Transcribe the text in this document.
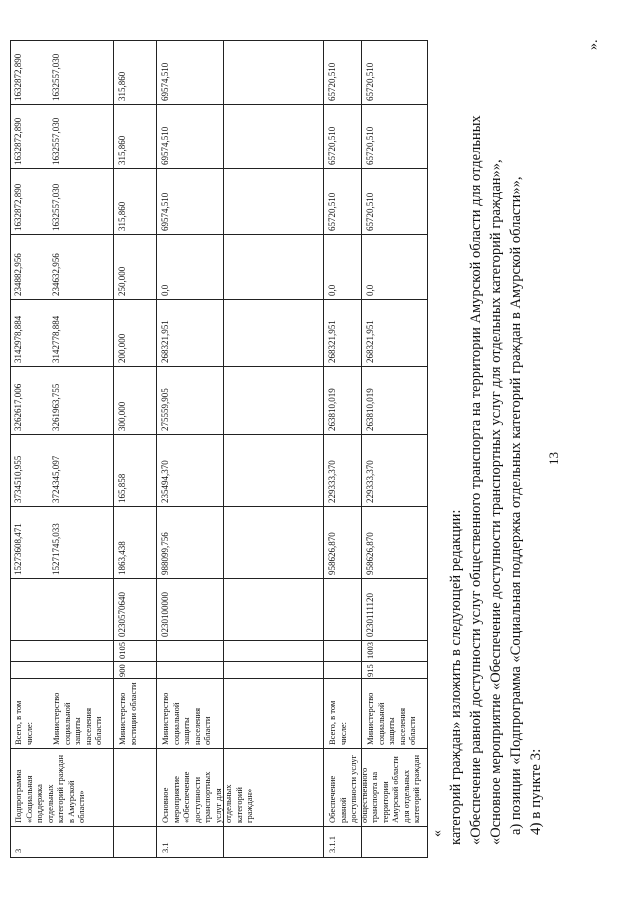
13
».
4) в пункте 3:
а) позиции «Подпрограмма «Социальная поддержка отдельных категорий граждан в Амурской области»»,
«Основное мероприятие «Обеспечение доступности транспортных услуг для отдельных категорий граждан»»,
«Обеспечение равной доступности услуг общественного транспорта на территории Амурской области для отдельных
категорий граждан» изложить в следующей редакции:
«
3
Подпрограмма «Социальная поддержка отдельных категорий граждан в Амурской области»
Всего, в том числе:
15273608,471
3734510,955
3262617,006
3142978,884
234882,956
1632872,890
1632872,890
1632872,890
Министерство социальной защиты населения области
15271745,033
3724345,097
3261963,755
3142778,884
234632,956
1632557,030
1632557,030
1632557,030
Министерство юстиции области
900
0105
0230570640
1863,438
165,858
300,000
200,000
250,000
315,860
315,860
315,860
3.1
Основное мероприятие «Обеспечение доступности транспортных услуг для отдельных категорий граждан»
Министерство социальной защиты населения области
0230100000
988099,756
235494,370
275559,905
268321,951
0,0
69574,510
69574,510
69574,510
3.1.1
Обеспечение равной доступности услуг общественного транспорта на территории Амурской области для отдельных категорий граждан
Всего, в том числе:
958626,870
229333,370
263810,019
268321,951
0,0
65720,510
65720,510
65720,510
Министерство социальной защиты населения области
915
1003
0230111120
958626,870
229333,370
263810,019
268321,951
0,0
65720,510
65720,510
65720,510
